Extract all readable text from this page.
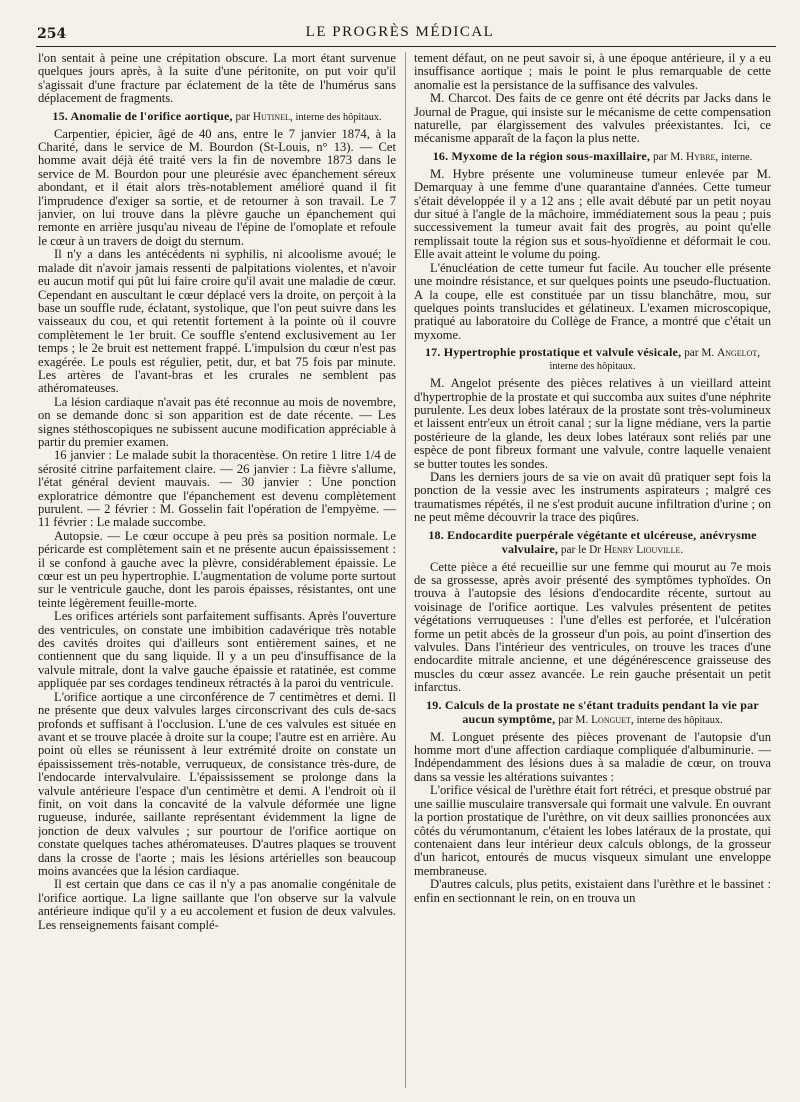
254	LE PROGRÈS MÉDICAL

l'on sentait à peine une crépitation obscure. La mort étant survenue quelques jours après, à la suite d'une péritonite, on put voir qu'il s'agissait d'une fracture par éclatement de la tête de l'humérus sans déplacement de fragments.

15. Anomalie de l'orifice aortique, par Hutinel, interne des hôpitaux.

Carpentier, épicier, âgé de 40 ans, entre le 7 janvier 1874, à la Charité, dans le service de M. Bourdon (St-Louis, n° 13). — Cet homme avait déjà été traité vers la fin de novembre 1873 dans le service de M. Bourdon pour une pleurésie avec épanchement séreux abondant, et il était alors très-notablement amélioré quand il fit l'imprudence d'exiger sa sortie, et de retourner à son travail. Le 7 janvier, on lui trouve dans la plèvre gauche un épanchement qui remonte en arrière jusqu'au niveau de l'épine de l'omoplate et refoule le cœur à un travers de doigt du sternum.

Il n'y a dans les antécédents ni syphilis, ni alcoolisme avoué; le malade dit n'avoir jamais ressenti de palpitations violentes, et n'avoir eu aucun motif qui pût lui faire croire qu'il avait une maladie de cœur. Cependant en auscultant le cœur déplacé vers la droite, on perçoit à la base un souffle rude, éclatant, systolique, que l'on peut suivre dans les vaisseaux du cou, et qui retentit fortement à la pointe où il couvre complètement le 1er bruit. Ce souffle s'entend exclusivement au 1er temps ; le 2e bruit est nettement frappé. L'impulsion du cœur n'est pas exagérée. Le pouls est régulier, petit, dur, et bat 75 fois par minute. Les artères de l'avant-bras et les crurales ne semblent pas athéromateuses.

La lésion cardiaque n'avait pas été reconnue au mois de novembre, on se demande donc si son apparition est de date récente. — Les signes stéthoscopiques ne subissent aucune modification appréciable à partir du premier examen.

16 janvier : Le malade subit la thoracentèse. On retire 1 litre 1/4 de sérosité citrine parfaitement claire. — 26 janvier : La fièvre s'allume, l'état général devient mauvais. — 30 janvier : Une ponction exploratrice démontre que l'épanchement est devenu complètement purulent. — 2 février : M. Gosselin fait l'opération de l'empyème. — 11 février : Le malade succombe.

Autopsie. — Le cœur occupe à peu près sa position normale. Le péricarde est complètement sain et ne présente aucun épaississement : il se confond à gauche avec la plèvre, considérablement épaissie. Le cœur est un peu hypertrophie. L'augmentation de volume porte surtout sur le ventricule gauche, dont les parois épaisses, résistantes, ont une teinte légèrement feuille-morte.

Les orifices artériels sont parfaitement suffisants. Après l'ouverture des ventricules, on constate une imbibition cadavérique très notable des cavités droites qui d'ailleurs sont entièrement saines, et ne contiennent que du sang liquide. Il y a un peu d'insuffisance de la valvule mitrale, dont la valve gauche épaissie et ratatinée, est comme appliquée par ses cordages tendineux rétractés à la paroi du ventricule.

L'orifice aortique a une circonférence de 7 centimètres et demi. Il ne présente que deux valvules larges circonscrivant des culs de-sacs profonds et suffisant à l'occlusion. L'une de ces valvules est située en avant et se trouve placée à droite sur la coupe; l'autre est en arrière. Au point où elles se réunissent à leur extrémité droite on constate un épaississement très-notable, verruqueux, de consistance très-dure, de l'endocarde intervalvulaire. L'épaississement se prolonge dans la valvule antérieure l'espace d'un centimètre et demi. A l'endroit où il finit, on voit dans la concavité de la valvule déformée une ligne rugueuse, indurée, saillante représentant évidemment la ligne de jonction de deux valvules ; sur pourtour de l'orifice aortique on constate quelques taches athéromateuses. D'autres plaques se trouvent dans la crosse de l'aorte ; mais les lésions artérielles son beaucoup moins avancées que la lésion cardiaque.

Il est certain que dans ce cas il n'y a pas anomalie congénitale de l'orifice aortique. La ligne saillante que l'on observe sur la valvule antérieure indique qu'il y a eu accolement et fusion de deux valvules. Les renseignements faisant complé-

tement défaut, on ne peut savoir si, à une époque antérieure, il y a eu insuffisance aortique ; mais le point le plus remarquable de cette anomalie est la persistance de la suffisance des valvules.

M. Charcot. Des faits de ce genre ont été décrits par Jacks dans le Journal de Prague, qui insiste sur le mécanisme de cette compensation naturelle, par élargissement des valvules préexistantes. Ici, ce mécanisme apparaît de la façon la plus nette.

16. Myxome de la région sous-maxillaire, par M. Hybre, interne.

M. Hybre présente une volumineuse tumeur enlevée par M. Demarquay à une femme d'une quarantaine d'années. Cette tumeur s'était développée il y a 12 ans ; elle avait débuté par un petit noyau dur situé à l'angle de la mâchoire, immédiatement sous la peau ; puis successivement la tumeur avait fait des progrès, au point qu'elle remplissait toute la région sus et sous-hyoïdienne et déformait le cou. Elle avait atteint le volume du poing.

L'énucléation de cette tumeur fut facile. Au toucher elle présente une moindre résistance, et sur quelques points une pseudo-fluctuation. A la coupe, elle est constituée par un tissu blanchâtre, mou, sur quelques points translucides et gélatineux. L'examen microscopique, pratiqué au laboratoire du Collège de France, a montré que c'était un myxome.

17. Hypertrophie prostatique et valvule vésicale, par M. Angelot, interne des hôpitaux.

M. Angelot présente des pièces relatives à un vieillard atteint d'hypertrophie de la prostate et qui succomba aux suites d'une néphrite purulente. Les deux lobes latéraux de la prostate sont très-volumineux et laissent entr'eux un étroit canal ; sur la ligne médiane, vers la partie postérieure de la glande, les deux lobes latéraux sont reliés par une espèce de pont fibreux formant une valvule, contre laquelle venaient se butter toutes les sondes.

Dans les derniers jours de sa vie on avait dû pratiquer sept fois la ponction de la vessie avec les instruments aspirateurs ; malgré ces traumatismes répétés, il ne s'est produit aucune infiltration d'urine ; on ne peut même découvrir la trace des piqûres.

18. Endocardite puerpérale végétante et ulcéreuse, anévrysme valvulaire, par le Dr Henry Liouville.

Cette pièce a été recueillie sur une femme qui mourut au 7e mois de sa grossesse, après avoir présenté des symptômes typhoïdes. On trouva à l'autopsie des lésions d'endocardite récente, surtout au voisinage de l'orifice aortique. Les valvules présentent de petites végétations verruqueuses : l'une d'elles est perforée, et l'ulcération forme un petit abcès de la grosseur d'un pois, au point d'insertion des valvules. Dans l'intérieur des ventricules, on trouve les traces d'une endocardite mitrale ancienne, et une dégénérescence graisseuse des muscles du cœur assez avancée. Le rein gauche présentait un petit infarctus.

19. Calculs de la prostate ne s'étant traduits pendant la vie par aucun symptôme, par M. Longuet, interne des hôpitaux.

M. Longuet présente des pièces provenant de l'autopsie d'un homme mort d'une affection cardiaque compliquée d'albuminurie. — Indépendamment des lésions dues à sa maladie de cœur, on trouva dans sa vessie les altérations suivantes :

L'orifice vésical de l'urèthre était fort rétréci, et presque obstrué par une saillie musculaire transversale qui formait une valvule. En ouvrant la portion prostatique de l'urèthre, on vit deux saillies prononcées aux côtés du vérumontanum, c'étaient les lobes latéraux de la prostate, qui contenaient dans leur intérieur deux calculs oblongs, de la grosseur d'un haricot, entourés de mucus visqueux simulant une enveloppe membraneuse.

D'autres calculs, plus petits, existaient dans l'urèthre et le bassinet : enfin en sectionnant le rein, on en trouva un
